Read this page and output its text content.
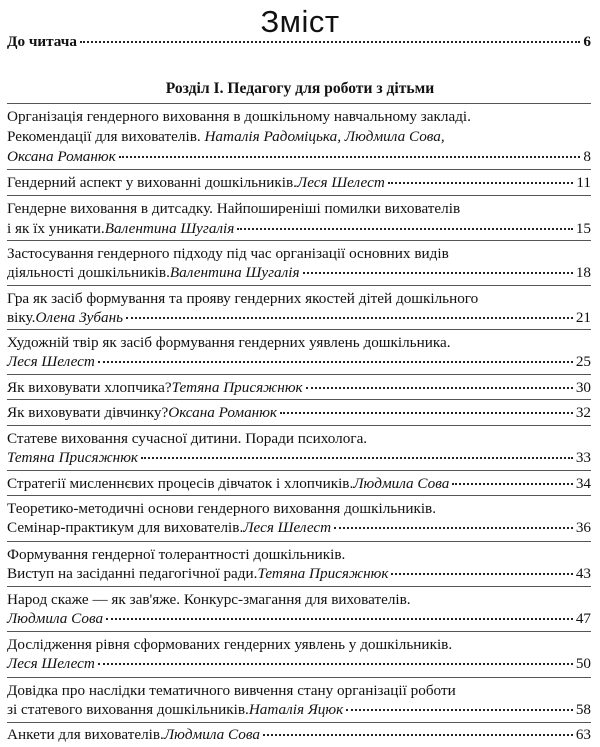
Зміст
До читача	6
Розділ I. Педагогу для роботи з дітьми
Організація гендерного виховання в дошкільному навчальному закладі.
Рекомендації для вихователів. Наталія Радоміцька, Людмила Сова,
Оксана Романюк	8
Гендерний аспект у вихованні дошкільників. Леся Шелест	11
Гендерне виховання в дитсадку. Найпоширеніші помилки вихователів
і як їх уникати. Валентина Шугалія	15
Застосування гендерного підходу під час організації основних видів
діяльності дошкільників. Валентина Шугалія	18
Гра як засіб формування та прояву гендерних якостей дітей дошкільного
віку. Олена Зубань	21
Художній твір як засіб формування гендерних уявлень дошкільника.
Леся Шелест	25
Як виховувати хлопчика? Тетяна Присяжнюк	30
Як виховувати дівчинку? Оксана Романюк	32
Статеве виховання сучасної дитини. Поради психолога.
Тетяна Присяжнюк	33
Стратегії мисленнєвих процесів дівчаток і хлопчиків. Людмила Сова	34
Теоретико-методичні основи гендерного виховання дошкільників.
Семінар-практикум для вихователів. Леся Шелест	36
Формування гендерної толерантності дошкільників.
Виступ на засіданні педагогічної ради. Тетяна Присяжнюк	43
Народ скаже — як зав'яже. Конкурс-змагання для вихователів.
Людмила Сова	47
Дослідження рівня сформованих гендерних уявлень у дошкільників.
Леся Шелест	50
Довідка про наслідки тематичного вивчення стану організації роботи
зі статевого виховання дошкільників. Наталія Яцюк	58
Анкети для вихователів. Людмила Сова	63
